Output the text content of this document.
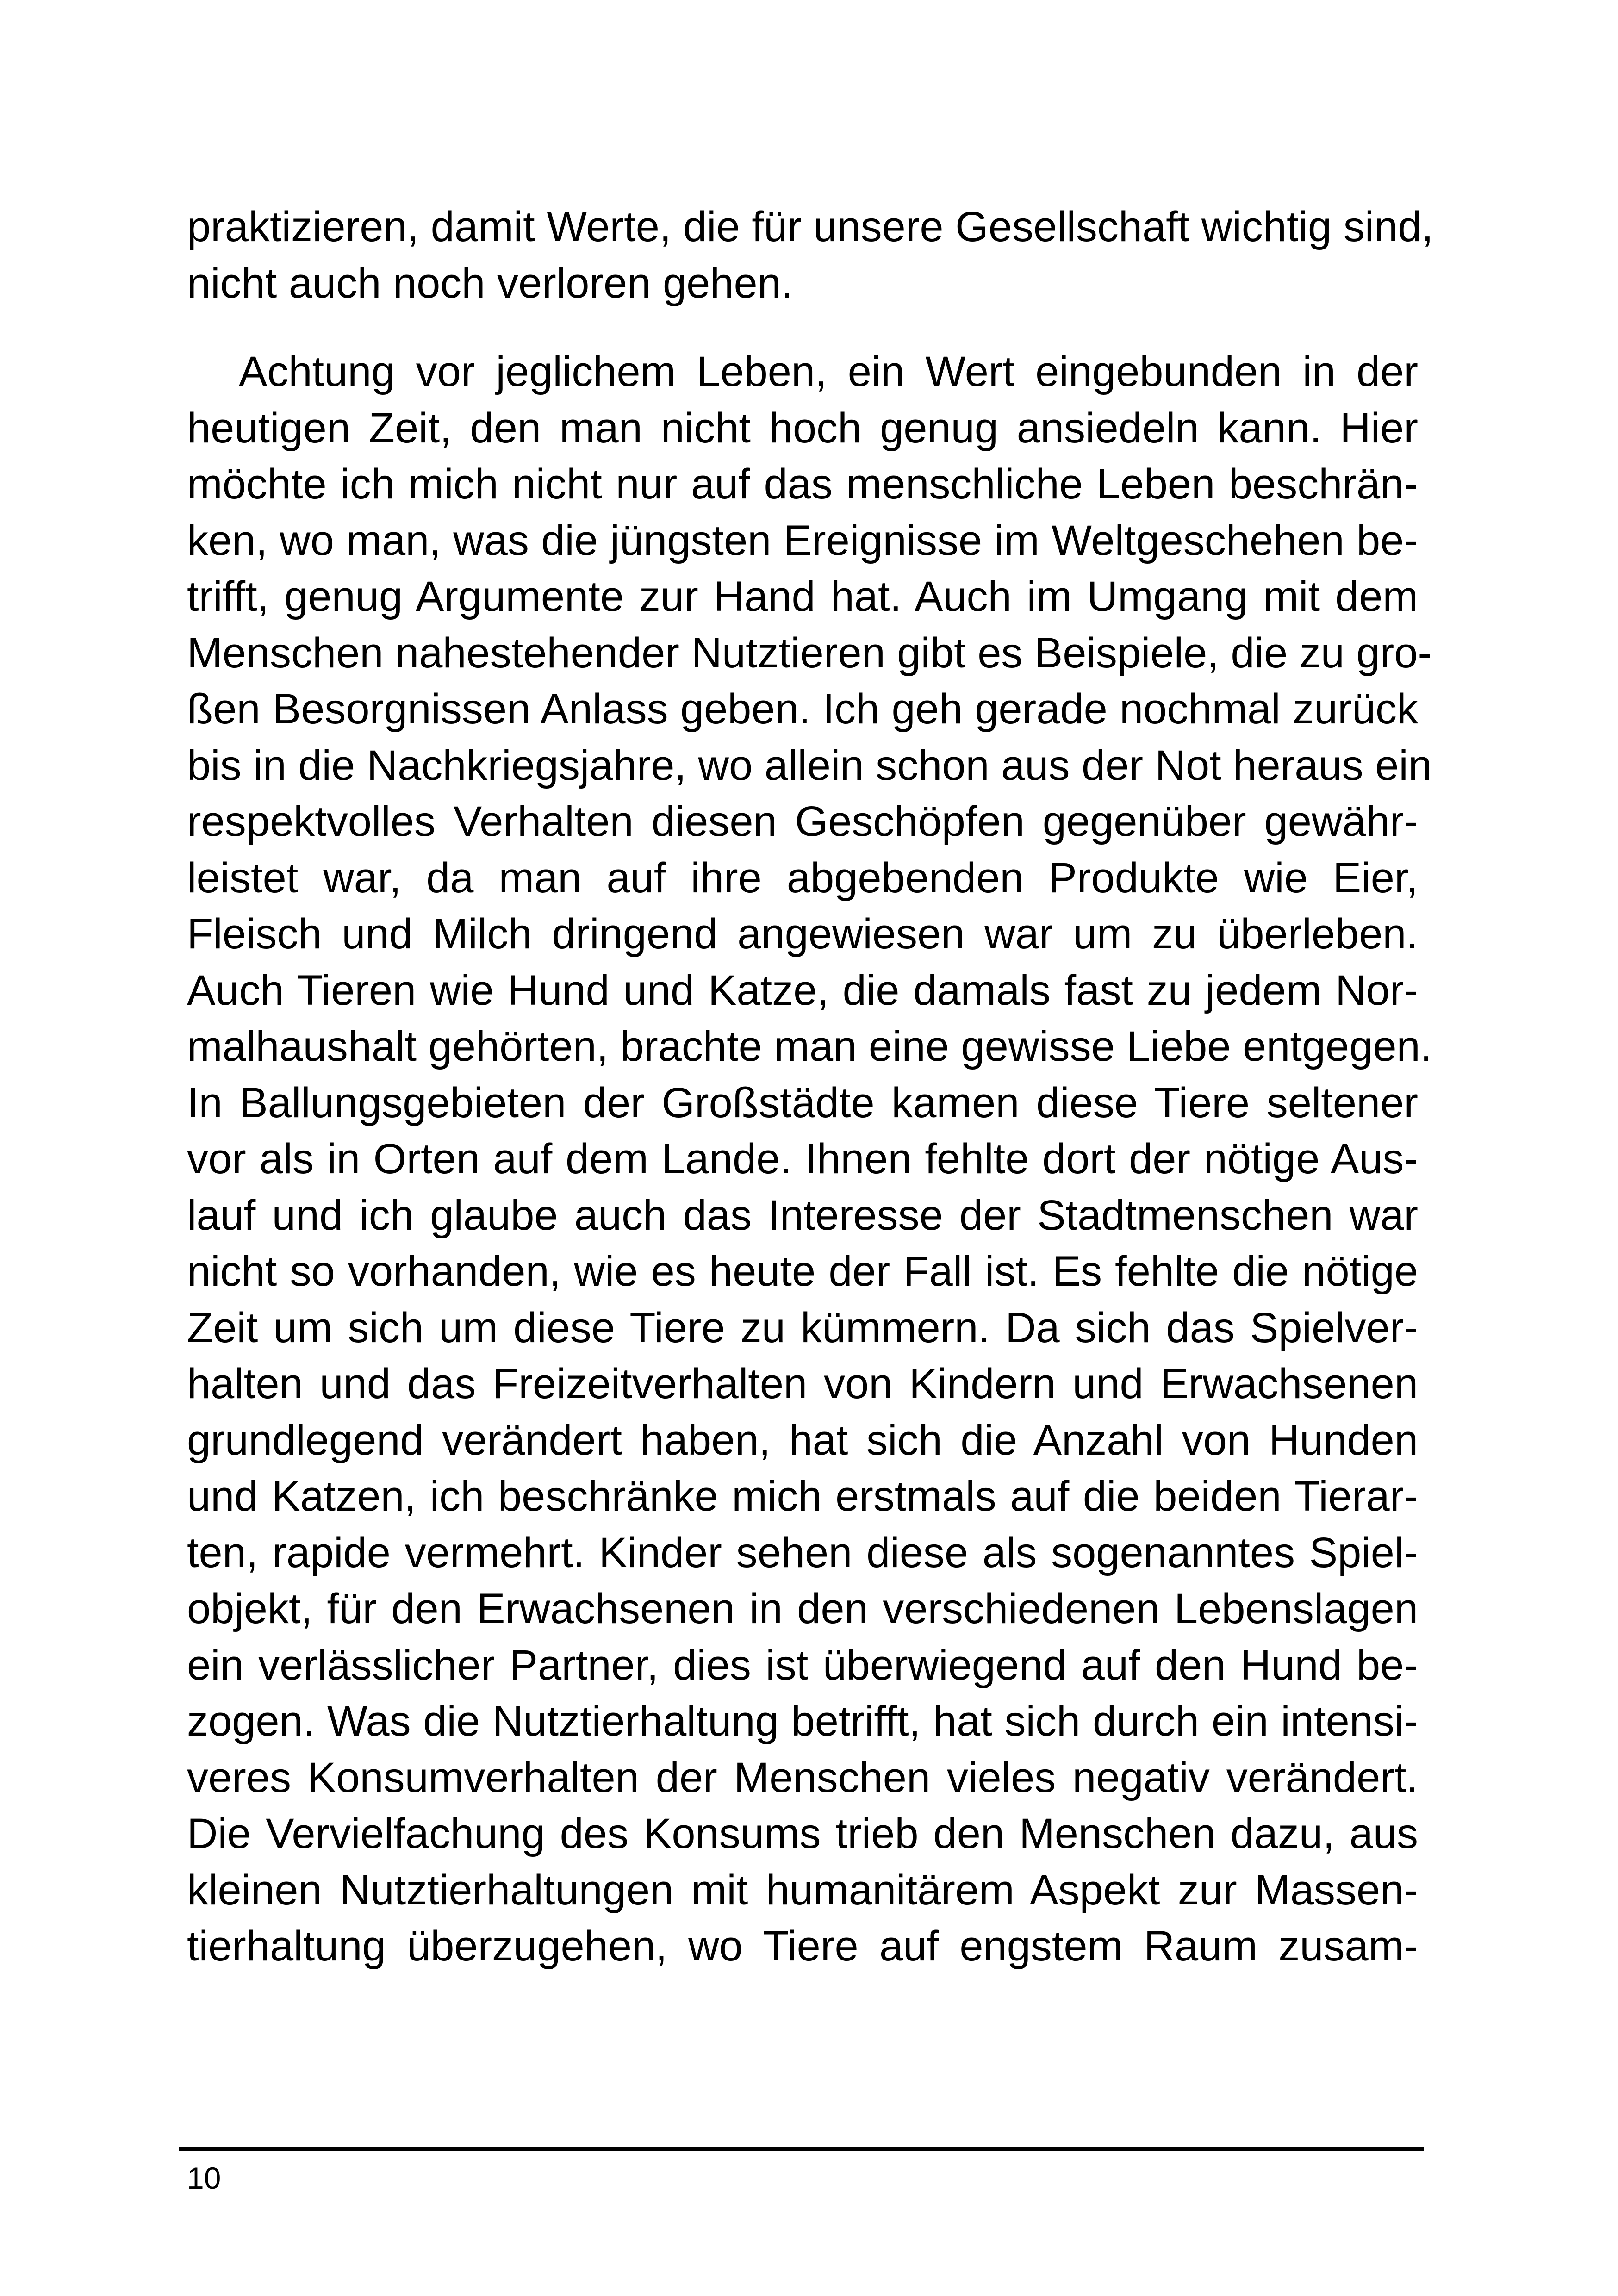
praktizieren, damit Werte, die für unsere Gesellschaft wichtig sind,
nicht auch noch verloren gehen.
Achtung vor jeglichem Leben, ein Wert eingebunden in der
heutigen Zeit, den man nicht hoch genug ansiedeln kann. Hier
möchte ich mich nicht nur auf das menschliche Leben beschrän-
ken, wo man, was die jüngsten Ereignisse im Weltgeschehen be-
trifft, genug Argumente zur Hand hat. Auch im Umgang mit dem
Menschen nahestehender Nutztieren gibt es Beispiele, die zu gro-
ßen Besorgnissen Anlass geben. Ich geh gerade nochmal zurück
bis in die Nachkriegsjahre, wo allein schon aus der Not heraus ein
respektvolles Verhalten diesen Geschöpfen gegenüber gewähr-
leistet war, da man auf ihre abgebenden Produkte wie Eier,
Fleisch und Milch dringend angewiesen war um zu überleben.
Auch Tieren wie Hund und Katze, die damals fast zu jedem Nor-
malhaushalt gehörten, brachte man eine gewisse Liebe entgegen.
In Ballungsgebieten der Großstädte kamen diese Tiere seltener
vor als in Orten auf dem Lande. Ihnen fehlte dort der nötige Aus-
lauf und ich glaube auch das Interesse der Stadtmenschen war
nicht so vorhanden, wie es heute der Fall ist. Es fehlte die nötige
Zeit um sich um diese Tiere zu kümmern. Da sich das Spielver-
halten und das Freizeitverhalten von Kindern und Erwachsenen
grundlegend verändert haben, hat sich die Anzahl von Hunden
und Katzen, ich beschränke mich erstmals auf die beiden Tierar-
ten, rapide vermehrt. Kinder sehen diese als sogenanntes Spiel-
objekt, für den Erwachsenen in den verschiedenen Lebenslagen
ein verlässlicher Partner, dies ist überwiegend auf den Hund be-
zogen. Was die Nutztierhaltung betrifft, hat sich durch ein intensi-
veres Konsumverhalten der Menschen vieles negativ verändert.
Die Vervielfachung des Konsums trieb den Menschen dazu, aus
kleinen Nutztierhaltungen mit humanitärem Aspekt zur Massen-
tierhaltung überzugehen, wo Tiere auf engstem Raum zusam-
10
